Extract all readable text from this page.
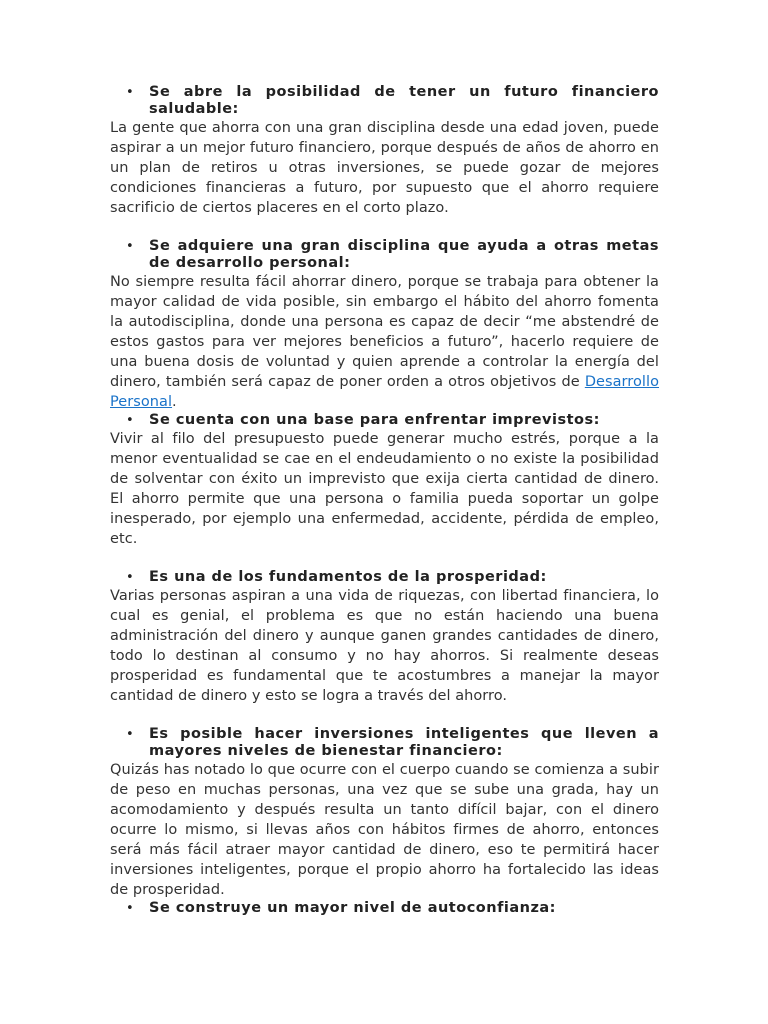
• Se abre la posibilidad de tener un futuro financiero saludable:
La gente que ahorra con una gran disciplina desde una edad joven, puede aspirar a un mejor futuro financiero, porque después de años de ahorro en un plan de retiros u otras inversiones, se puede gozar de mejores condiciones financieras a futuro, por supuesto que el ahorro requiere sacrificio de ciertos placeres en el corto plazo.
• Se adquiere una gran disciplina que ayuda a otras metas de desarrollo personal:
No siempre resulta fácil ahorrar dinero, porque se trabaja para obtener la mayor calidad de vida posible, sin embargo el hábito del ahorro fomenta la autodisciplina, donde una persona es capaz de decir “me abstendré de estos gastos para ver mejores beneficios a futuro”, hacerlo requiere de una buena dosis de voluntad y quien aprende a controlar la energía del dinero, también será capaz de poner orden a otros objetivos de Desarrollo Personal.
• Se cuenta con una base para enfrentar imprevistos:
Vivir al filo del presupuesto puede generar mucho estrés, porque a la menor eventualidad se cae en el endeudamiento o no existe la posibilidad de solventar con éxito un imprevisto que exija cierta cantidad de dinero. El ahorro permite que una persona o familia pueda soportar un golpe inesperado, por ejemplo una enfermedad, accidente, pérdida de empleo, etc.
• Es una de los fundamentos de la prosperidad:
Varias personas aspiran a una vida de riquezas, con libertad financiera, lo cual es genial, el problema es que no están haciendo una buena administración del dinero y aunque ganen grandes cantidades de dinero, todo lo destinan al consumo y no hay ahorros. Si realmente deseas prosperidad es fundamental que te acostumbres a manejar la mayor cantidad de dinero y esto se logra a través del ahorro.
• Es posible hacer inversiones inteligentes que lleven a mayores niveles de bienestar financiero:
Quizás has notado lo que ocurre con el cuerpo cuando se comienza a subir de peso en muchas personas, una vez que se sube una grada, hay un acomodamiento y después resulta un tanto difícil bajar, con el dinero ocurre lo mismo, si llevas años con hábitos firmes de ahorro, entonces será más fácil atraer mayor cantidad de dinero, eso te permitirá hacer inversiones inteligentes, porque el propio ahorro ha fortalecido las ideas de prosperidad.
• Se construye un mayor nivel de autoconfianza:
